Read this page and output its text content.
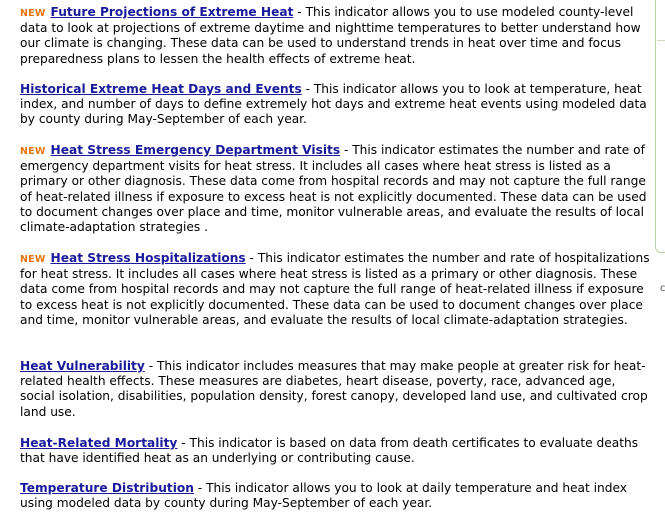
NEW Future Projections of Extreme Heat - This indicator allows you to use modeled county-level data to look at projections of extreme daytime and nighttime temperatures to better understand how our climate is changing. These data can be used to understand trends in heat over time and focus preparedness plans to lessen the health effects of extreme heat.

Historical Extreme Heat Days and Events - This indicator allows you to look at temperature, heat index, and number of days to define extremely hot days and extreme heat events using modeled data by county during May-September of each year.

NEW Heat Stress Emergency Department Visits - This indicator estimates the number and rate of emergency department visits for heat stress. It includes all cases where heat stress is listed as a primary or other diagnosis. These data come from hospital records and may not capture the full range of heat-related illness if exposure to excess heat is not explicitly documented. These data can be used to document changes over place and time, monitor vulnerable areas, and evaluate the results of local climate-adaptation strategies .

NEW Heat Stress Hospitalizations - This indicator estimates the number and rate of hospitalizations for heat stress. It includes all cases where heat stress is listed as a primary or other diagnosis. These data come from hospital records and may not capture the full range of heat-related illness if exposure to excess heat is not explicitly documented. These data can be used to document changes over place and time, monitor vulnerable areas, and evaluate the results of local climate-adaptation strategies.

Heat Vulnerability - This indicator includes measures that may make people at greater risk for heat-related health effects. These measures are diabetes, heart disease, poverty, race, advanced age, social isolation, disabilities, population density, forest canopy, developed land use, and cultivated crop land use.

Heat-Related Mortality - This indicator is based on data from death certificates to evaluate deaths that have identified heat as an underlying or contributing cause.

Temperature Distribution - This indicator allows you to look at daily temperature and heat index using modeled data by county during May-September of each year.

c
